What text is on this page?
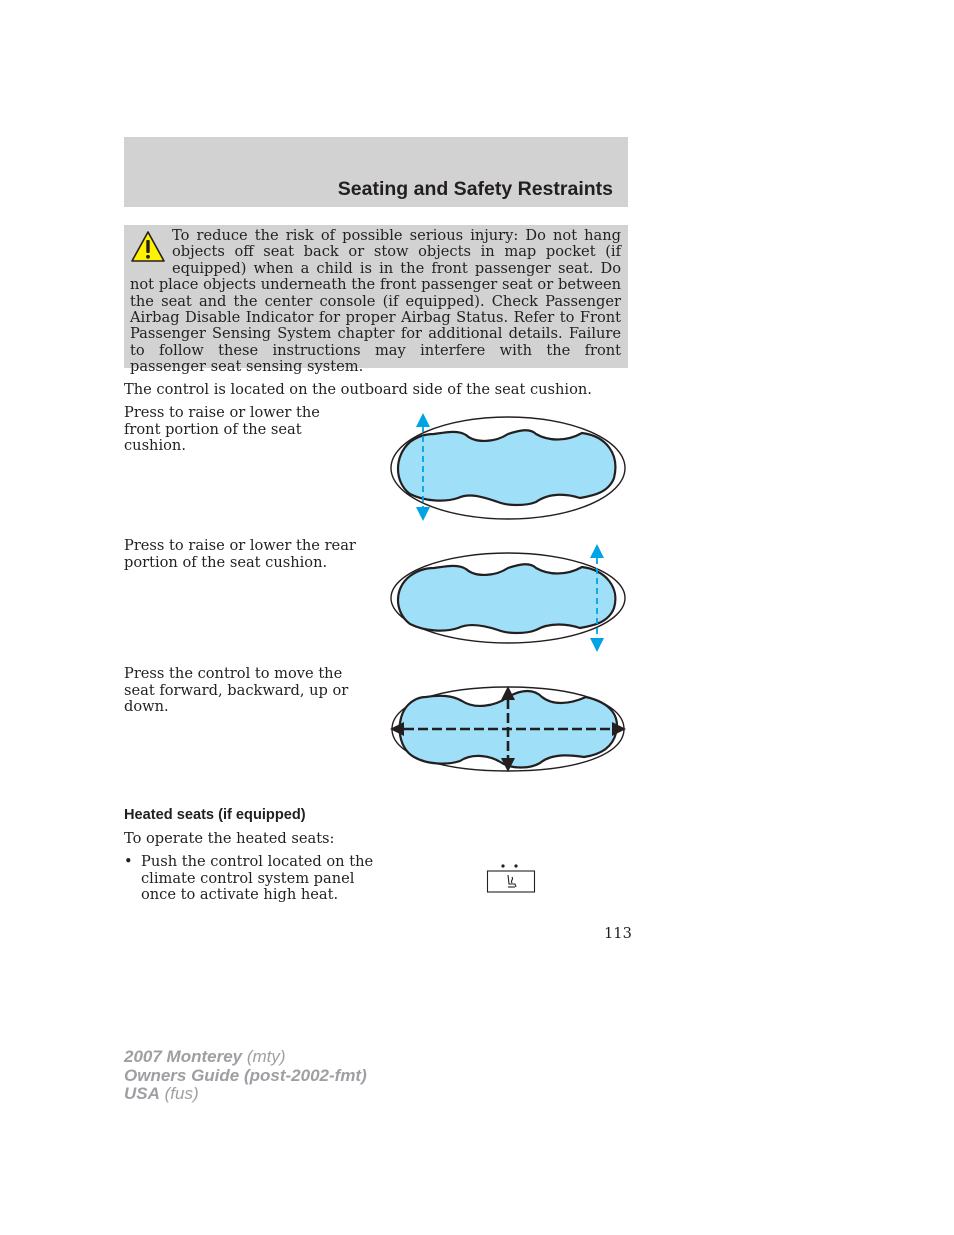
Seating and Safety Restraints

To reduce the risk of possible serious injury: Do not hang objects off seat back or stow objects in map pocket (if equipped) when a child is in the front passenger seat. Do not place objects underneath the front passenger seat or between the seat and the center console (if equipped). Check Passenger Airbag Disable Indicator for proper Airbag Status. Refer to Front Passenger Sensing System chapter for additional details. Failure to follow these instructions may interfere with the front passenger seat sensing system.

The control is located on the outboard side of the seat cushion.

Press to raise or lower the front portion of the seat cushion.

Press to raise or lower the rear portion of the seat cushion.

Press the control to move the seat forward, backward, up or down.

Heated seats (if equipped)

To operate the heated seats:

• Push the control located on the climate control system panel once to activate high heat.

113

2007 Monterey (mty)

Owners Guide (post-2002-fmt)

USA (fus)
